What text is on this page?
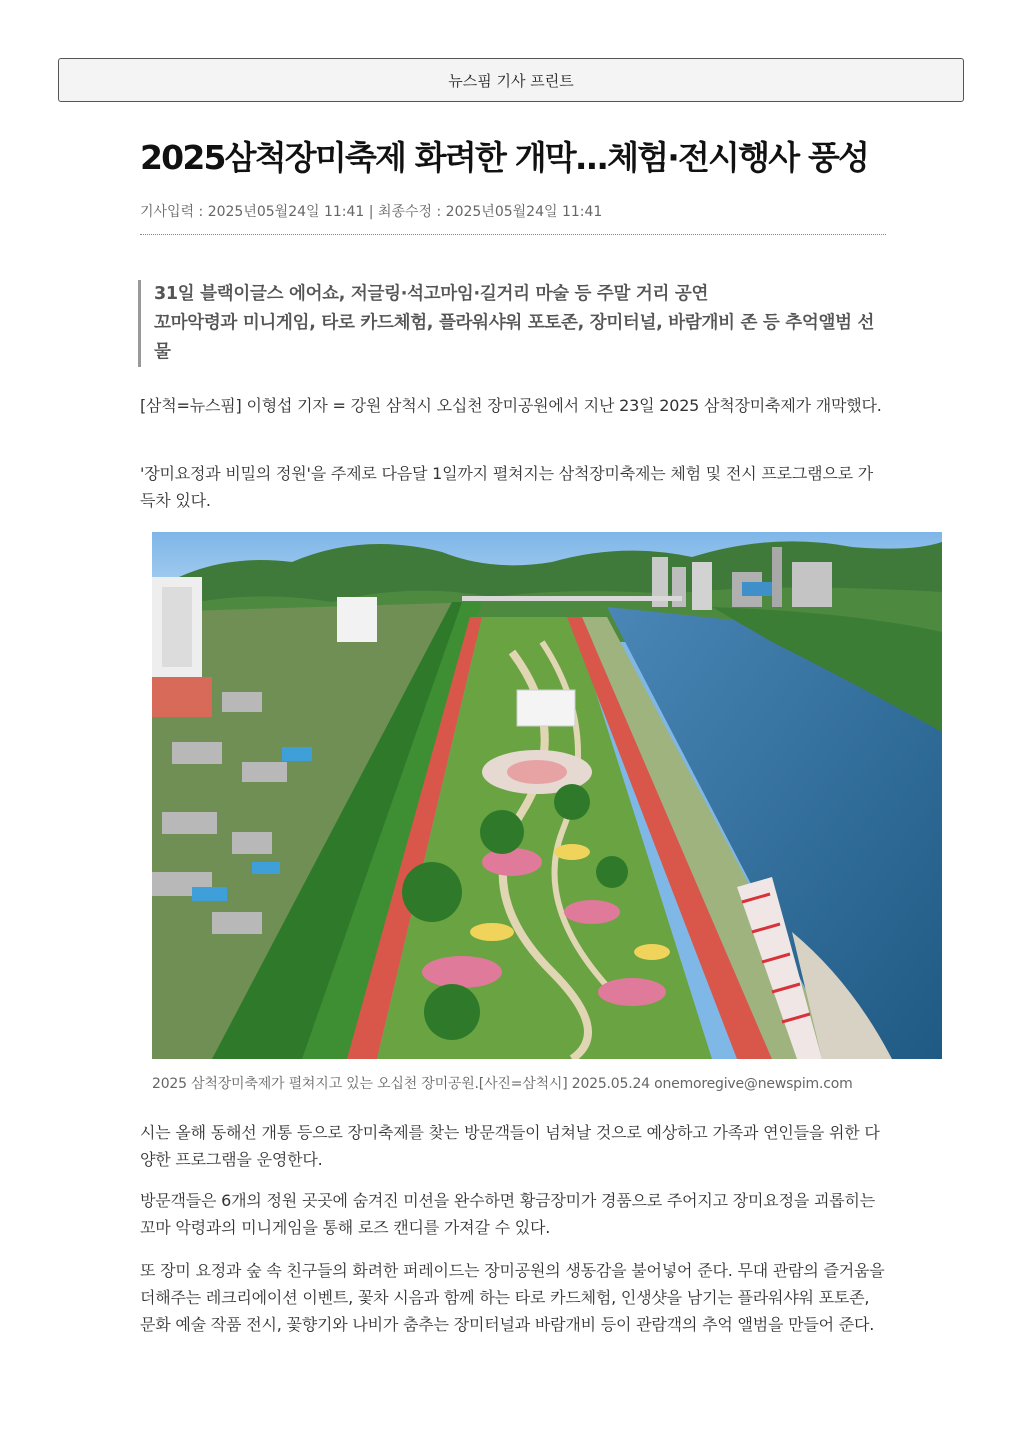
뉴스핌 기사 프린트
2025삼척장미축제 화려한 개막...체험·전시행사 풍성
기사입력 : 2025년05월24일 11:41 | 최종수정 : 2025년05월24일 11:41

31일 블랙이글스 에어쇼, 저글링·석고마임·길거리 마술 등 주말 거리 공연

꼬마악령과 미니게임, 타로 카드체험, 플라워샤워 포토존, 장미터널, 바람개비 존 등 추억앨범 선물

[삼척=뉴스핌] 이형섭 기자 = 강원 삼척시 오십천 장미공원에서 지난 23일 2025 삼척장미축제가 개막했다.

'장미요정과 비밀의 정원'을 주제로 다음달 1일까지 펼쳐지는 삼척장미축제는 체험 및 전시 프로그램으로 가득차 있다.

2025 삼척장미축제가 펼쳐지고 있는 오십천 장미공원.[사진=삼척시] 2025.05.24 onemoregive@newspim.com

시는 올해 동해선 개통 등으로 장미축제를 찾는 방문객들이 넘쳐날 것으로 예상하고 가족과 연인들을 위한 다양한 프로그램을 운영한다.

방문객들은 6개의 정원 곳곳에 숨겨진 미션을 완수하면 황금장미가 경품으로 주어지고 장미요정을 괴롭히는 꼬마 악령과의 미니게임을 통해 로즈 캔디를 가져갈 수 있다.

또 장미 요정과 숲 속 친구들의 화려한 퍼레이드는 장미공원의 생동감을 불어넣어 준다. 무대 관람의 즐거움을 더해주는 레크리에이션 이벤트, 꽃차 시음과 함께 하는 타로 카드체험, 인생샷을 남기는 플라워샤워 포토존, 문화 예술 작품 전시, 꽃향기와 나비가 춤추는 장미터널과 바람개비 등이 관람객의 추억 앨범을 만들어 준다.
